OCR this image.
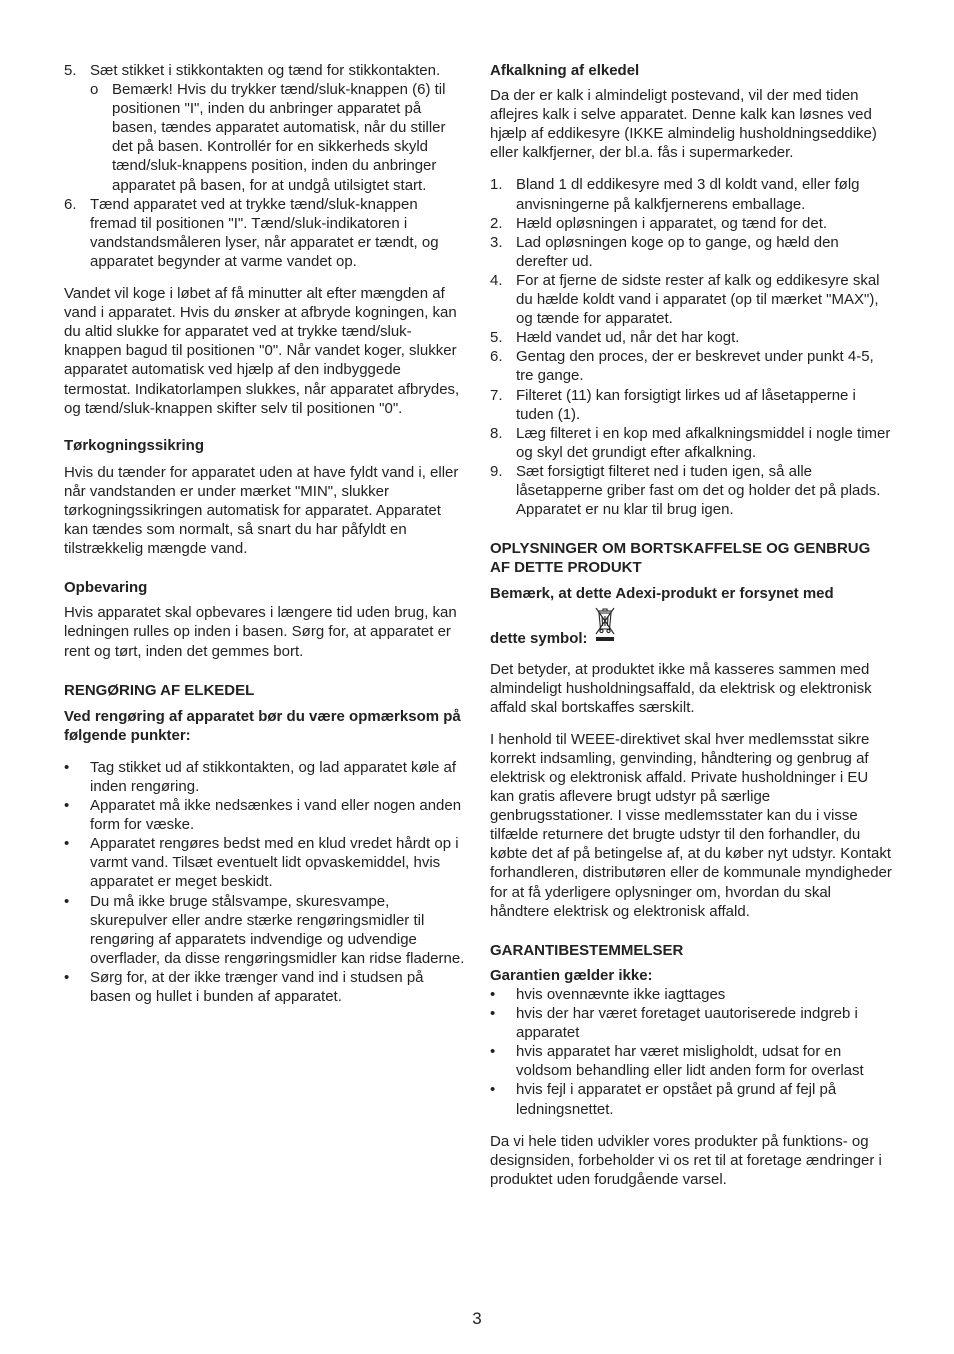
5. Sæt stikket i stikkontakten og tænd for stikkontakten.
o Bemærk! Hvis du trykker tænd/sluk-knappen (6) til positionen "I", inden du anbringer apparatet på basen, tændes apparatet automatisk, når du stiller det på basen. Kontrollér for en sikkerheds skyld tænd/sluk-knappens position, inden du anbringer apparatet på basen, for at undgå utilsigtet start.
6. Tænd apparatet ved at trykke tænd/sluk-knappen fremad til positionen "I". Tænd/sluk-indikatoren i vandstandsmåleren lyser, når apparatet er tændt, og apparatet begynder at varme vandet op.

Vandet vil koge i løbet af få minutter alt efter mængden af vand i apparatet. Hvis du ønsker at afbryde kogningen, kan du altid slukke for apparatet ved at trykke tænd/sluk-knappen bagud til positionen "0". Når vandet koger, slukker apparatet automatisk ved hjælp af den indbyggede termostat. Indikatorlampen slukkes, når apparatet afbrydes, og tænd/sluk-knappen skifter selv til positionen "0".

Tørkogningssikring

Hvis du tænder for apparatet uden at have fyldt vand i, eller når vandstanden er under mærket "MIN", slukker tørkogningssikringen automatisk for apparatet. Apparatet kan tændes som normalt, så snart du har påfyldt en tilstrækkelig mængde vand.

Opbevaring

Hvis apparatet skal opbevares i længere tid uden brug, kan ledningen rulles op inden i basen. Sørg for, at apparatet er rent og tørt, inden det gemmes bort.

RENGØRING AF ELKEDEL

Ved rengøring af apparatet bør du være opmærksom på følgende punkter:

• Tag stikket ud af stikkontakten, og lad apparatet køle af inden rengøring.
• Apparatet må ikke nedsænkes i vand eller nogen anden form for væske.
• Apparatet rengøres bedst med en klud vredet hårdt op i varmt vand. Tilsæt eventuelt lidt opvaskemiddel, hvis apparatet er meget beskidt.
• Du må ikke bruge stålsvampe, skuresvampe, skurepulver eller andre stærke rengøringsmidler til rengøring af apparatets indvendige og udvendige overflader, da disse rengøringsmidler kan ridse fladerne.
• Sørg for, at der ikke trænger vand ind i studsen på basen og hullet i bunden af apparatet.

Afkalkning af elkedel

Da der er kalk i almindeligt postevand, vil der med tiden aflejres kalk i selve apparatet. Denne kalk kan løsnes ved hjælp af eddikesyre (IKKE almindelig husholdningseddike) eller kalkfjerner, der bl.a. fås i supermarkeder.

1. Bland 1 dl eddikesyre med 3 dl koldt vand, eller følg anvisningerne på kalkfjernerens emballage.
2. Hæld opløsningen i apparatet, og tænd for det.
3. Lad opløsningen koge op to gange, og hæld den derefter ud.
4. For at fjerne de sidste rester af kalk og eddikesyre skal du hælde koldt vand i apparatet (op til mærket "MAX"), og tænde for apparatet.
5. Hæld vandet ud, når det har kogt.
6. Gentag den proces, der er beskrevet under punkt 4-5, tre gange.
7. Filteret (11) kan forsigtigt lirkes ud af låsetapperne i tuden (1).
8. Læg filteret i en kop med afkalkningsmiddel i nogle timer og skyl det grundigt efter afkalkning.
9. Sæt forsigtigt filteret ned i tuden igen, så alle låsetapperne griber fast om det og holder det på plads.
Apparatet er nu klar til brug igen.

OPLYSNINGER OM BORTSKAFFELSE OG GENBRUG AF DETTE PRODUKT

Bemærk, at dette Adexi-produkt er forsynet med

dette symbol:

Det betyder, at produktet ikke må kasseres sammen med almindeligt husholdningsaffald, da elektrisk og elektronisk affald skal bortskaffes særskilt.

I henhold til WEEE-direktivet skal hver medlemsstat sikre korrekt indsamling, genvinding, håndtering og genbrug af elektrisk og elektronisk affald. Private husholdninger i EU kan gratis aflevere brugt udstyr på særlige genbrugsstationer. I visse medlemsstater kan du i visse tilfælde returnere det brugte udstyr til den forhandler, du købte det af på betingelse af, at du køber nyt udstyr. Kontakt forhandleren, distributøren eller de kommunale myndigheder for at få yderligere oplysninger om, hvordan du skal håndtere elektrisk og elektronisk affald.

GARANTIBESTEMMELSER

Garantien gælder ikke:

• hvis ovennævnte ikke iagttages
• hvis der har været foretaget uautoriserede indgreb i apparatet
• hvis apparatet har været misligholdt, udsat for en voldsom behandling eller lidt anden form for overlast
• hvis fejl i apparatet er opstået på grund af fejl på ledningsnettet.

Da vi hele tiden udvikler vores produkter på funktions- og designsiden, forbeholder vi os ret til at foretage ændringer i produktet uden forudgående varsel.

3
